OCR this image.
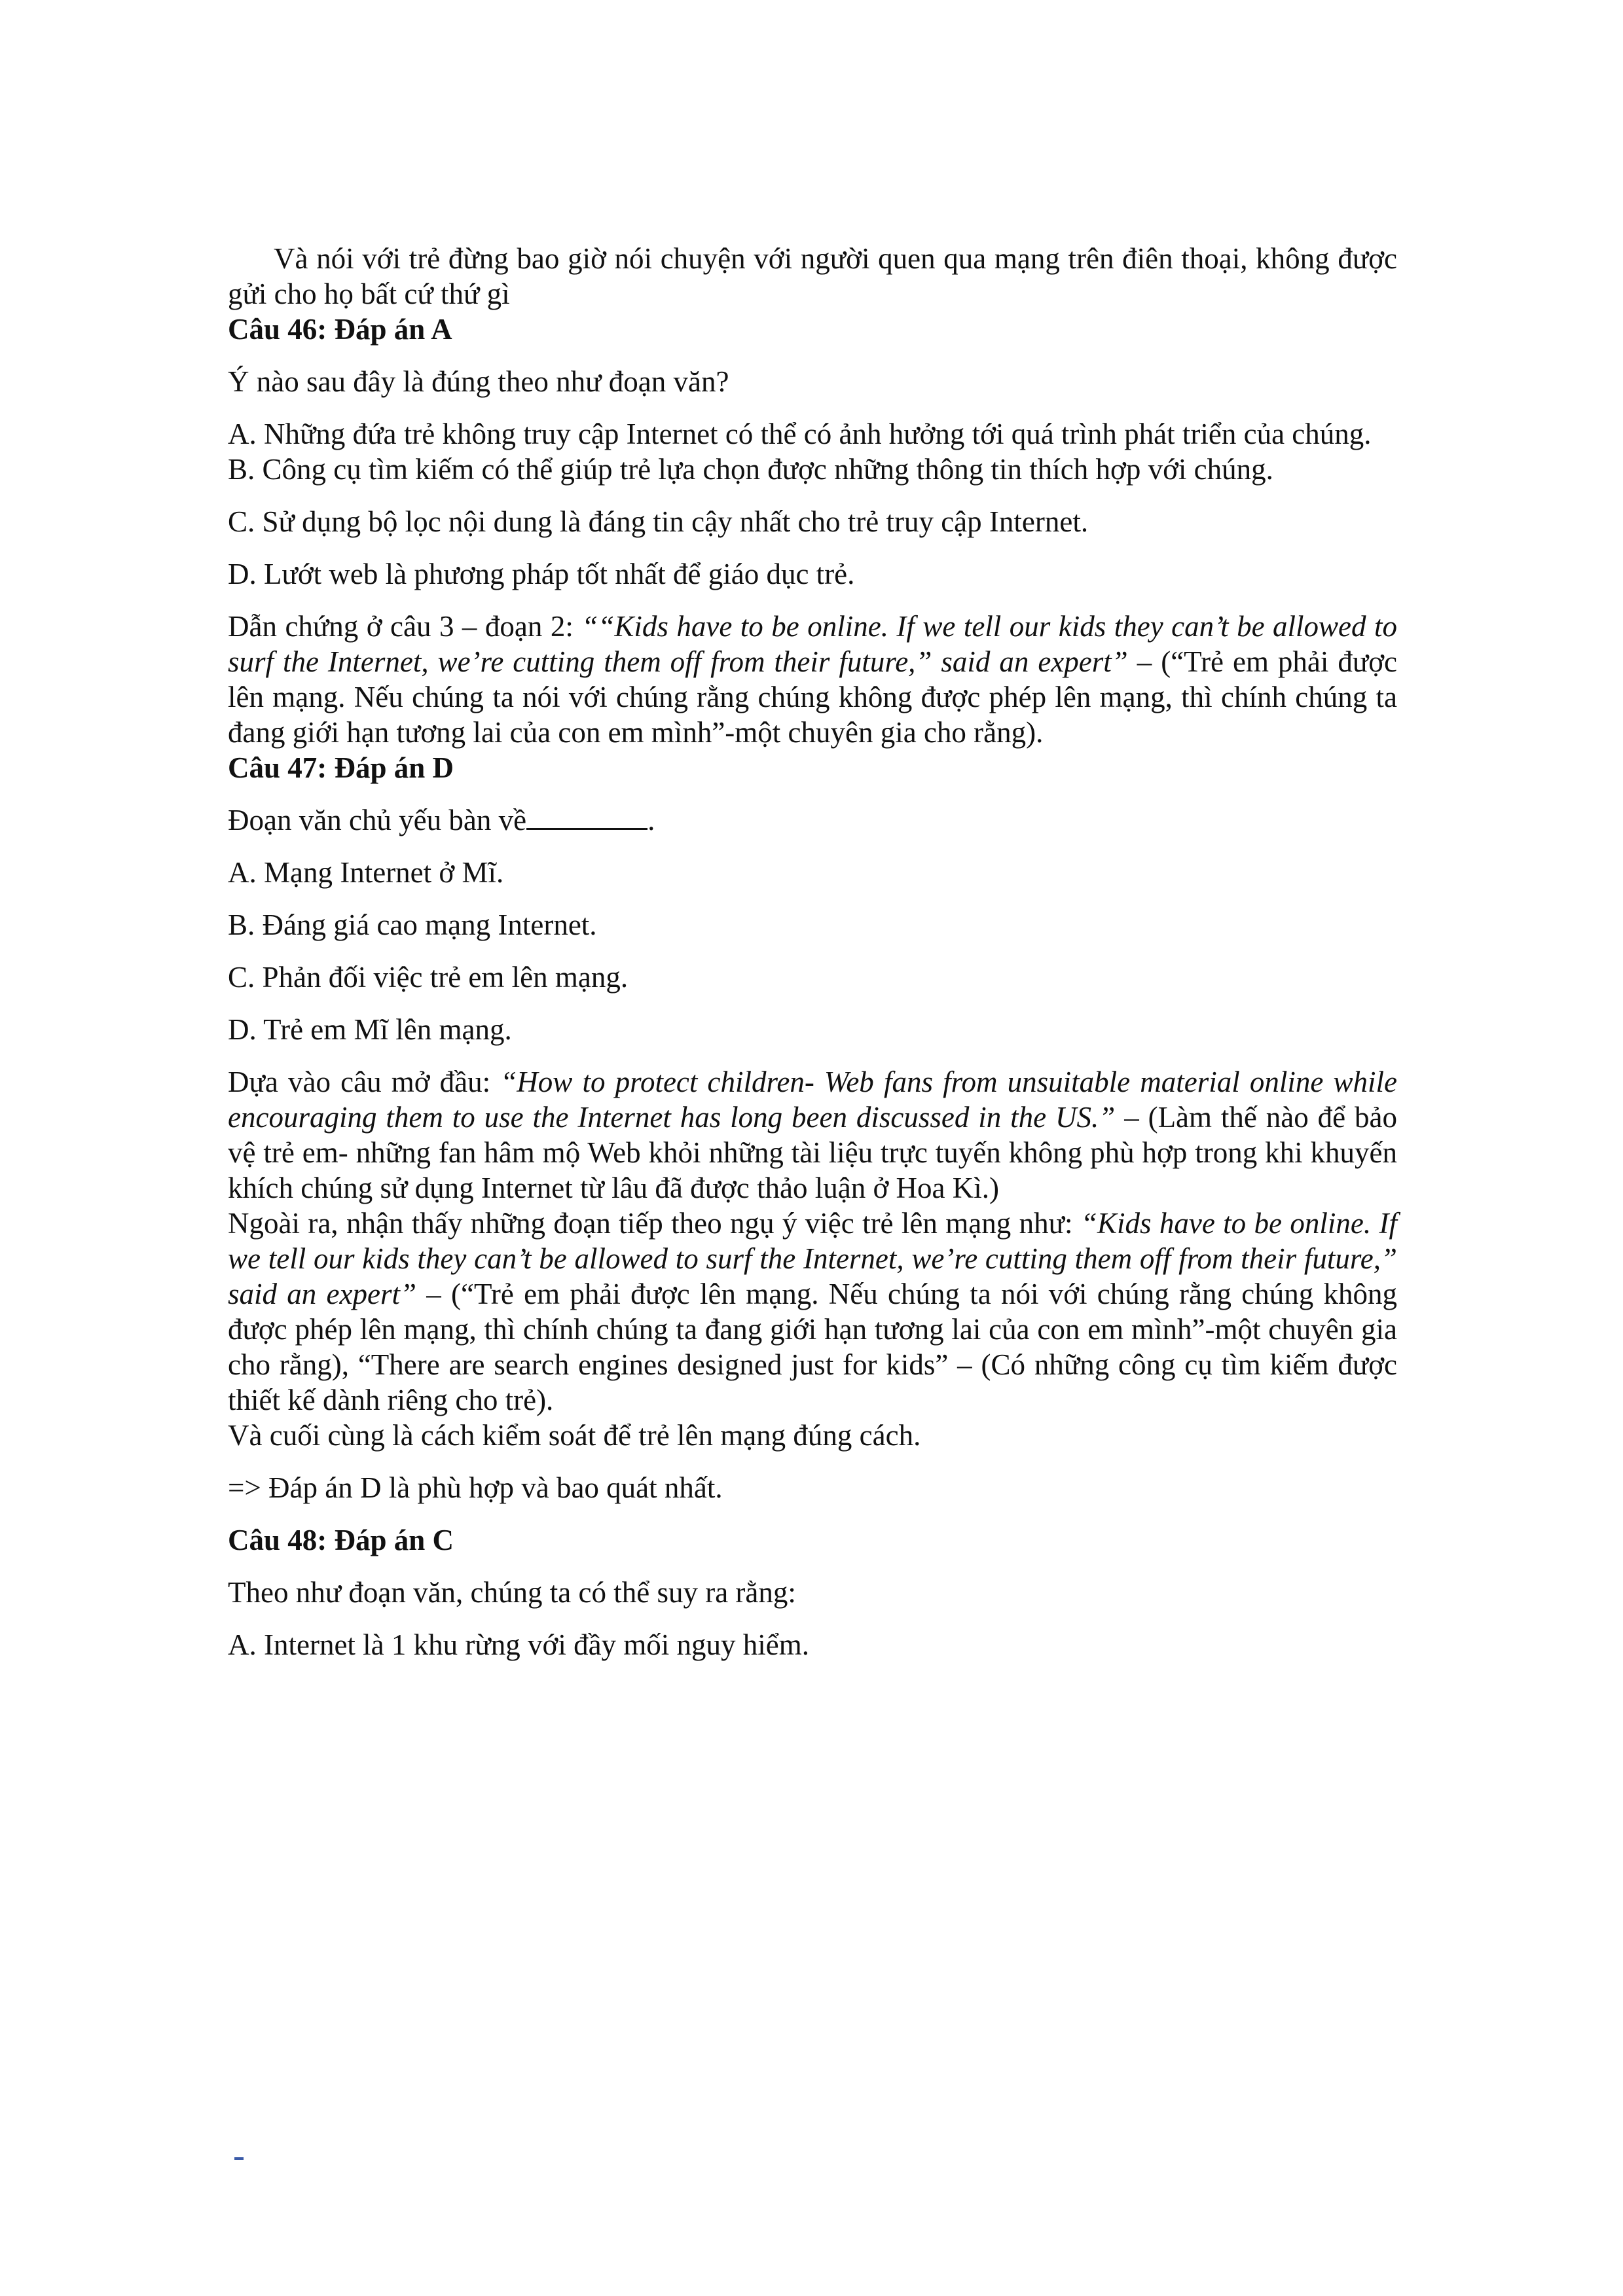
Và nói với trẻ đừng bao giờ nói chuyện với người quen qua mạng trên điên thoại, không được gửi cho họ bất cứ thứ gì

Câu 46: Đáp án A

Ý nào sau đây là đúng theo như đoạn văn?

A. Những đứa trẻ không truy cập Internet có thể có ảnh hưởng tới quá trình phát triển của chúng.

B. Công cụ tìm kiếm có thể giúp trẻ lựa chọn được những thông tin thích hợp với chúng.

C. Sử dụng bộ lọc nội dung là đáng tin cậy nhất cho trẻ truy cập Internet.

D. Lướt web là phương pháp tốt nhất để giáo dục trẻ.

Dẫn chứng ở câu 3 – đoạn 2: ““Kids have to be online. If we tell our kids they can’t be allowed to surf the Internet, we’re cutting them off from their future,” said an expert” – (“Trẻ em phải được lên mạng. Nếu chúng ta nói với chúng rằng chúng không được phép lên mạng, thì chính chúng ta đang giới hạn tương lai của con em mình”-một chuyên gia cho rằng).

Câu 47: Đáp án D

Đoạn văn chủ yếu bàn về	.

A. Mạng Internet ở Mĩ.

B. Đáng giá cao mạng Internet.

C. Phản đối việc trẻ em lên mạng.

D. Trẻ em Mĩ lên mạng.

Dựa vào câu mở đầu: “How to protect children- Web fans from unsuitable material online while encouraging them to use the Internet has long been discussed in the US.” – (Làm thế nào để bảo vệ trẻ em- những fan hâm mộ Web khỏi những tài liệu trực tuyến không phù hợp trong khi khuyến khích chúng sử dụng Internet từ lâu đã được thảo luận ở Hoa Kì.)

Ngoài ra, nhận thấy những đoạn tiếp theo ngụ ý việc trẻ lên mạng như: “Kids have to be online. If we tell our kids they can’t be allowed to surf the Internet, we’re cutting them off from their future,” said an expert” – (“Trẻ em phải được lên mạng. Nếu chúng ta nói với chúng rằng chúng không được phép lên mạng, thì chính chúng ta đang giới hạn tương lai của con em mình”-một chuyên gia cho rằng), “There are search engines designed just for kids” – (Có những công cụ tìm kiếm được thiết kế dành riêng cho trẻ).

Và cuối cùng là cách kiểm soát để trẻ lên mạng đúng cách.

=> Đáp án D là phù hợp và bao quát nhất.

Câu 48: Đáp án C

Theo như đoạn văn, chúng ta có thể suy ra rằng:

A. Internet là 1 khu rừng với đầy mối nguy hiểm.
